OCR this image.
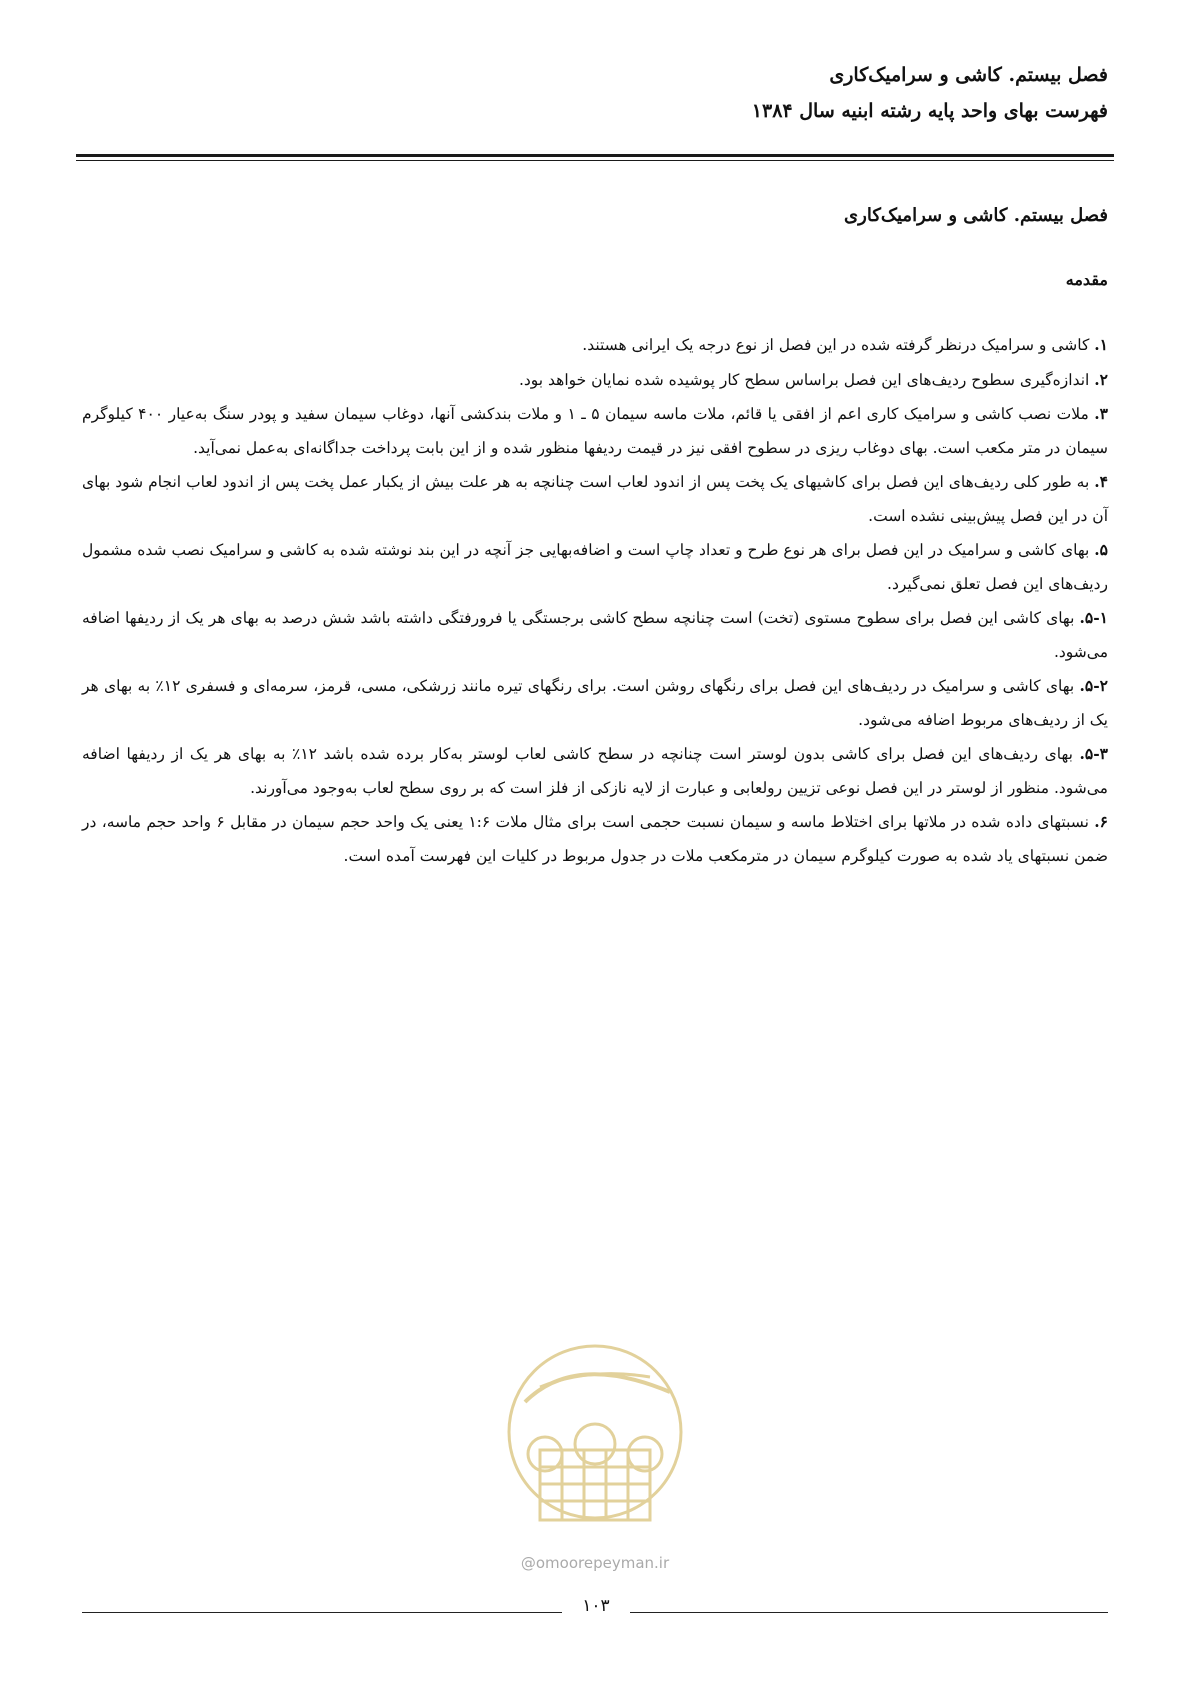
فصل بیستم. کاشی و سرامیک‌کاری
فهرست بهای واحد پایه رشته ابنیه سال ۱۳۸۴
فصل بیستم. کاشی و سرامیک‌کاری
مقدمه

۱. کاشی و سرامیک درنظر گرفته شده در این فصل از نوع درجه یک ایرانی هستند.

۲. اندازه‌گیری سطوح ردیف‌های این فصل براساس سطح کار پوشیده شده نمایان خواهد بود.

۳. ملات نصب کاشی و سرامیک کاری اعم از افقی یا قائم، ملات ماسه سیمان ۵ ـ ۱ و ملات بندکشی آنها، دوغاب سیمان سفید و پودر سنگ به‌عیار ۴۰۰ کیلوگرم سیمان در متر مکعب است. بهای دوغاب ریزی در سطوح افقی نیز در قیمت ردیفها منظور شده و از این بابت پرداخت جداگانه‌ای به‌عمل نمی‌آید.

۴. به طور کلی ردیف‌های این فصل برای کاشیهای یک پخت پس از اندود لعاب است چنانچه به هر علت بیش از یکبار عمل پخت پس از اندود لعاب انجام شود بهای آن در این فصل پیش‌بینی نشده است.

۵. بهای کاشی و سرامیک در این فصل برای هر نوع طرح و تعداد چاپ است و اضافه‌بهایی جز آنچه در این بند نوشته شده به کاشی و سرامیک نصب شده مشمول ردیف‌های این فصل تعلق نمی‌گیرد.

۵-۱. بهای کاشی این فصل برای سطوح مستوی (تخت) است چنانچه سطح کاشی برجستگی یا فرورفتگی داشته باشد شش درصد به بهای هر یک از ردیفها اضافه می‌شود.

۵-۲. بهای کاشی و سرامیک در ردیف‌های این فصل برای رنگهای روشن است. برای رنگهای تیره مانند زرشکی، مسی، قرمز، سرمه‌ای و فسفری ۱۲٪ به بهای هر یک از ردیف‌های مربوط اضافه می‌شود.

۵-۳. بهای ردیف‌های این فصل برای کاشی بدون لوستر است چنانچه در سطح کاشی لعاب لوستر به‌کار برده شده باشد ۱۲٪ به بهای هر یک از ردیفها اضافه می‌شود. منظور از لوستر در این فصل نوعی تزیین رولعابی و عبارت از لایه نازکی از فلز است که بر روی سطح لعاب به‌وجود می‌آورند.

۶. نسبتهای داده شده در ملاتها برای اختلاط ماسه و سیمان نسبت حجمی است برای مثال ملات ۱:۶ یعنی یک واحد حجم سیمان در مقابل ۶ واحد حجم ماسه، در ضمن نسبتهای یاد شده به صورت کیلوگرم سیمان در مترمکعب ملات در جدول مربوط در کلیات این فهرست آمده است.

@omoorepeyman.ir
۱۰۳
